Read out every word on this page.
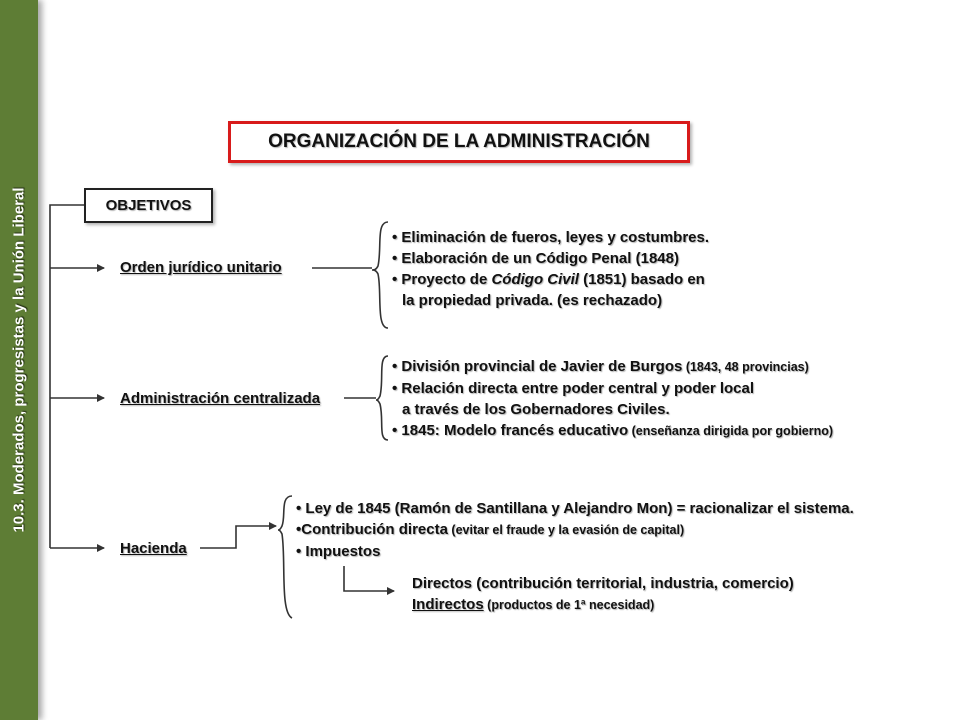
10.3. Moderados, progresistas y la Unión Liberal
ORGANIZACIÓN DE LA ADMINISTRACIÓN
OBJETIVOS
Orden jurídico unitario
Administración centralizada
Hacienda
• Eliminación de fueros, leyes y costumbres.
• Elaboración de un Código Penal (1848)
• Proyecto de Código Civil (1851) basado en
la propiedad privada. (es rechazado)
• División provincial de Javier de Burgos (1843, 48 provincias)
• Relación directa entre poder central y poder local
a través de los Gobernadores Civiles.
• 1845: Modelo francés educativo (enseñanza dirigida por gobierno)
• Ley de 1845 (Ramón de Santillana y Alejandro Mon) = racionalizar el sistema.
•Contribución directa (evitar el fraude y la evasión de capital)
• Impuestos
Directos (contribución territorial, industria, comercio)
Indirectos (productos de 1ª necesidad)
